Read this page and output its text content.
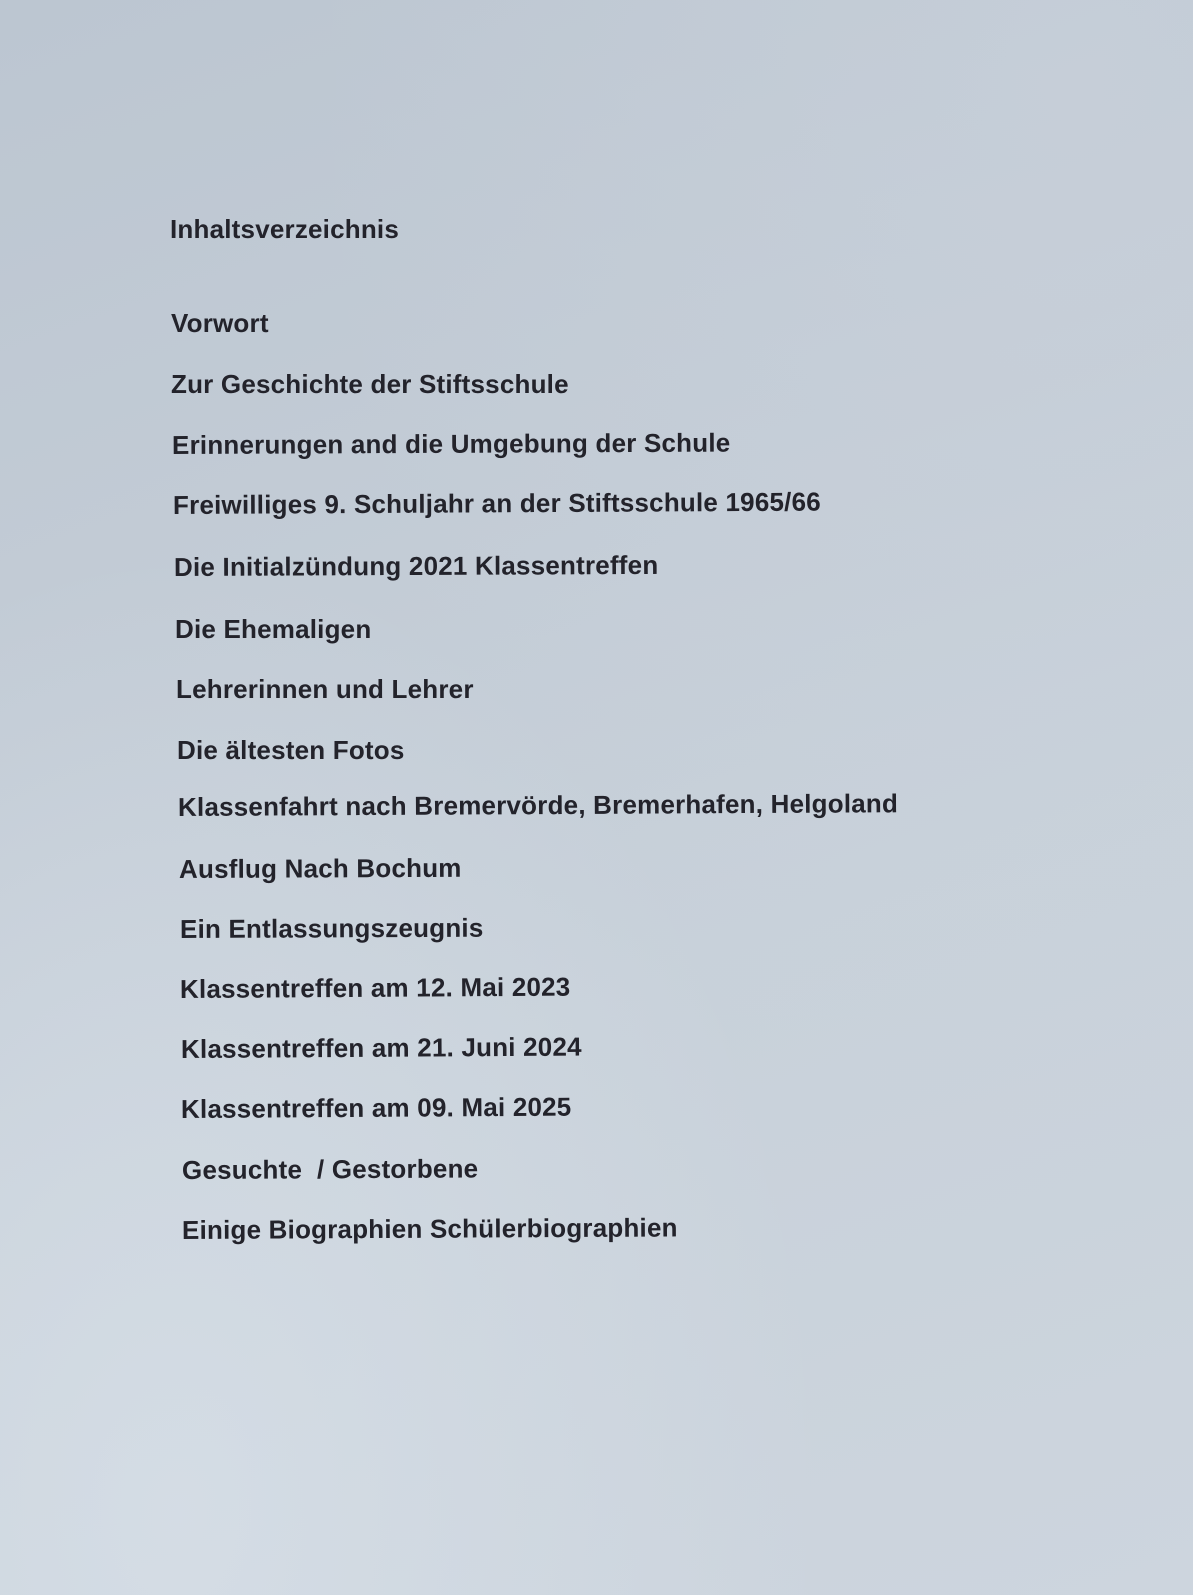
Inhaltsverzeichnis
Vorwort
Zur Geschichte der Stiftsschule
Erinnerungen and die Umgebung der Schule
Freiwilliges 9. Schuljahr an der Stiftsschule 1965/66
Die Initialzündung 2021 Klassentreffen
Die Ehemaligen
Lehrerinnen und Lehrer
Die ältesten Fotos
Klassenfahrt nach Bremervörde, Bremerhafen, Helgoland
Ausflug Nach Bochum
Ein Entlassungszeugnis
Klassentreffen am 12. Mai 2023
Klassentreffen am 21. Juni 2024
Klassentreffen am 09. Mai 2025
Gesuchte  / Gestorbene
Einige Biographien Schülerbiographien
